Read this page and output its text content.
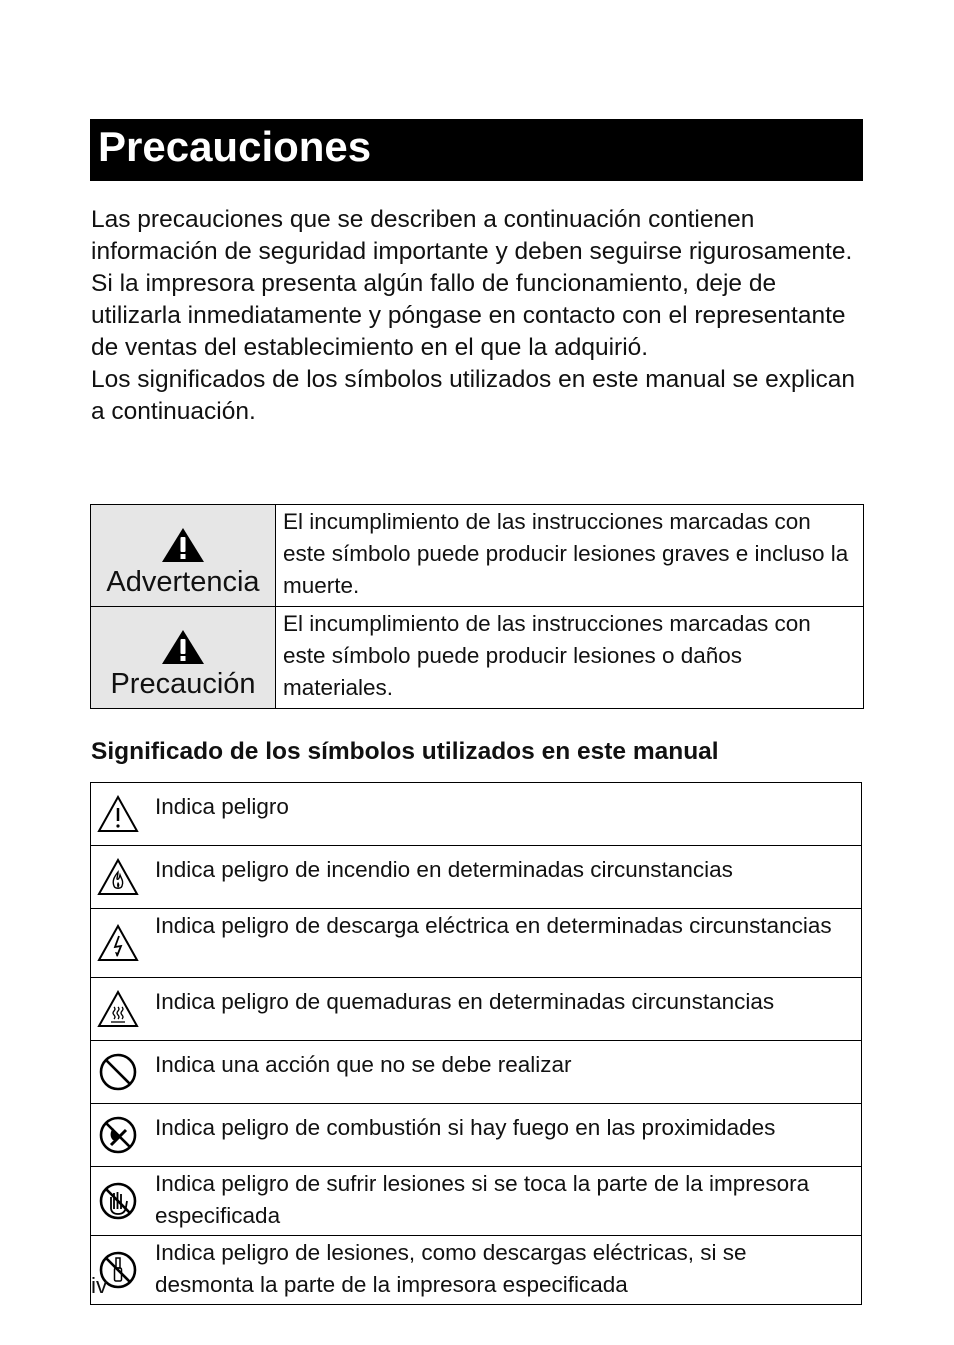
Precauciones

Las precauciones que se describen a continuación contienen información de seguridad importante y deben seguirse rigurosamente.

Si la impresora presenta algún fallo de funcionamiento, deje de utilizarla inmediatamente y póngase en contacto con el representante de ventas del establecimiento en el que la adquirió.

Los significados de los símbolos utilizados en este manual se explican a continuación.

Advertencia	El incumplimiento de las instrucciones marcadas con este símbolo puede producir lesiones graves e incluso la muerte.

Precaución	El incumplimiento de las instrucciones marcadas con este símbolo puede producir lesiones o daños materiales.
Significado de los símbolos utilizados en este manual
	Indica peligro

	Indica peligro de incendio en determinadas circunstancias

	Indica peligro de descarga eléctrica en determinadas circunstancias

	Indica peligro de quemaduras en determinadas circunstancias

	Indica una acción que no se debe realizar

	Indica peligro de combustión si hay fuego en las proximidades

	Indica peligro de sufrir lesiones si se toca la parte de la impresora especificada

	Indica peligro de lesiones, como descargas eléctricas, si se desmonta la parte de la impresora especificada
iv
